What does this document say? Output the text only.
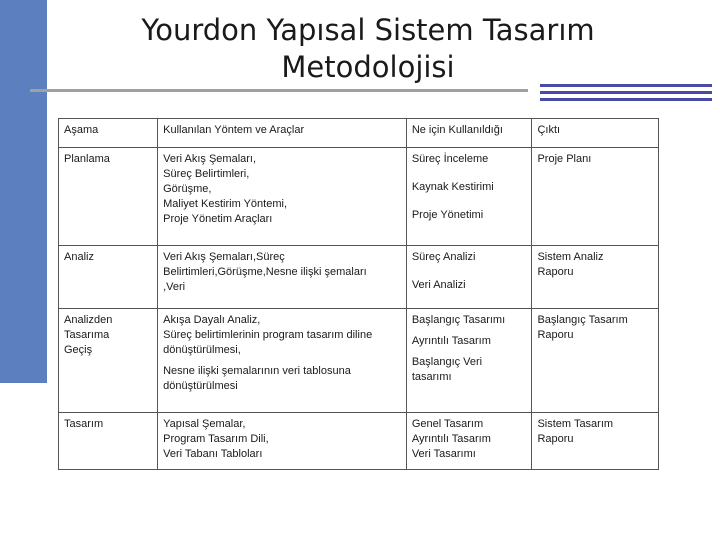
Yourdon Yapısal Sistem Tasarım
Metodolojisi
Aşama	Kullanılan Yöntem ve Araçlar	Ne için Kullanıldığı	Çıktı
Planlama	Veri Akış Şemaları,
Süreç Belirtimleri,
Görüşme,
Maliyet Kestirim Yöntemi,
Proje Yönetim Araçları	Süreç İnceleme
Kaynak Kestirimi
Proje Yönetimi	Proje Planı

Analiz	Veri Akış Şemaları,Süreç
Belirtimleri,Görüşme,Nesne ilişki şemaları
,Veri	Süreç Analizi
Veri Analizi	Sistem Analiz
Raporu

Analizden
Tasarıma
Geçiş	Akışa Dayalı Analiz,
Süreç belirtimlerinin program tasarım diline
dönüştürülmesi,
Nesne ilişki şemalarının veri tablosuna
dönüştürülmesi	Başlangıç Tasarımı
Ayrıntılı Tasarım
Başlangıç Veri
tasarımı	Başlangıç Tasarım
Raporu

Tasarım	Yapısal Şemalar,
Program Tasarım Dili,
Veri Tabanı Tabloları	Genel Tasarım
Ayrıntılı Tasarım
Veri Tasarımı	Sistem Tasarım
Raporu
